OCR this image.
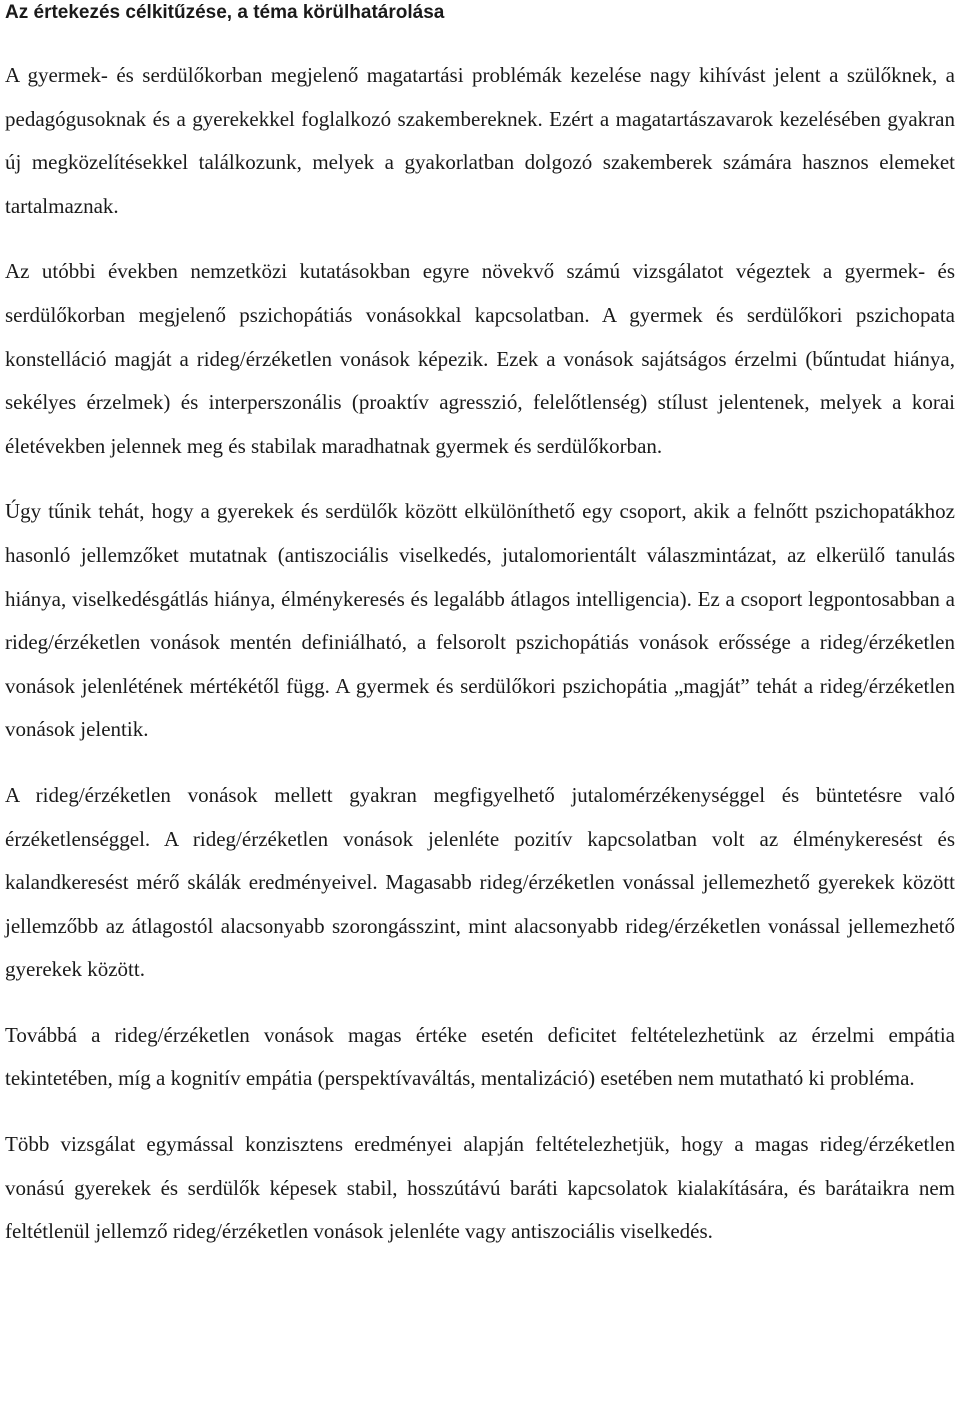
Az értekezés célkitűzése, a téma körülhatárolása

A gyermek- és serdülőkorban megjelenő magatartási problémák kezelése nagy kihívást jelent a szülőknek, a pedagógusoknak és a gyerekekkel foglalkozó szakembereknek. Ezért a magatartászavarok kezelésében gyakran új megközelítésekkel találkozunk, melyek a gyakorlatban dolgozó szakemberek számára hasznos elemeket tartalmaznak.

Az utóbbi években nemzetközi kutatásokban egyre növekvő számú vizsgálatot végeztek a gyermek- és serdülőkorban megjelenő pszichopátiás vonásokkal kapcsolatban. A gyermek és serdülőkori pszichopata konstelláció magját a rideg/érzéketlen vonások képezik. Ezek a vonások sajátságos érzelmi (bűntudat hiánya, sekélyes érzelmek) és interperszonális (proaktív agresszió, felelőtlenség) stílust jelentenek, melyek a korai életévekben jelennek meg és stabilak maradhatnak gyermek és serdülőkorban.

Úgy tűnik tehát, hogy a gyerekek és serdülők között elkülöníthető egy csoport, akik a felnőtt pszichopatákhoz hasonló jellemzőket mutatnak (antiszociális viselkedés, jutalomorientált válaszmintázat, az elkerülő tanulás hiánya, viselkedésgátlás hiánya, élménykeresés és legalább átlagos intelligencia). Ez a csoport legpontosabban a rideg/érzéketlen vonások mentén definiálható, a felsorolt pszichopátiás vonások erőssége a rideg/érzéketlen vonások jelenlétének mértékétől függ. A gyermek és serdülőkori pszichopátia „magját” tehát a rideg/érzéketlen vonások jelentik.

A rideg/érzéketlen vonások mellett gyakran megfigyelhető jutalomérzékenységgel és büntetésre való érzéketlenséggel. A rideg/érzéketlen vonások jelenléte pozitív kapcsolatban volt az élménykeresést és kalandkeresést mérő skálák eredményeivel. Magasabb rideg/érzéketlen vonással jellemezhető gyerekek között jellemzőbb az átlagostól alacsonyabb szorongásszint, mint alacsonyabb rideg/érzéketlen vonással jellemezhető gyerekek között.

Továbbá a rideg/érzéketlen vonások magas értéke esetén deficitet feltételezhetünk az érzelmi empátia tekintetében, míg a kognitív empátia (perspektívaváltás, mentalizáció) esetében nem mutatható ki probléma.

Több vizsgálat egymással konzisztens eredményei alapján feltételezhetjük, hogy a magas rideg/érzéketlen vonású gyerekek és serdülők képesek stabil, hosszútávú baráti kapcsolatok kialakítására, és barátaikra nem feltétlenül jellemző rideg/érzéketlen vonások jelenléte vagy antiszociális viselkedés.
